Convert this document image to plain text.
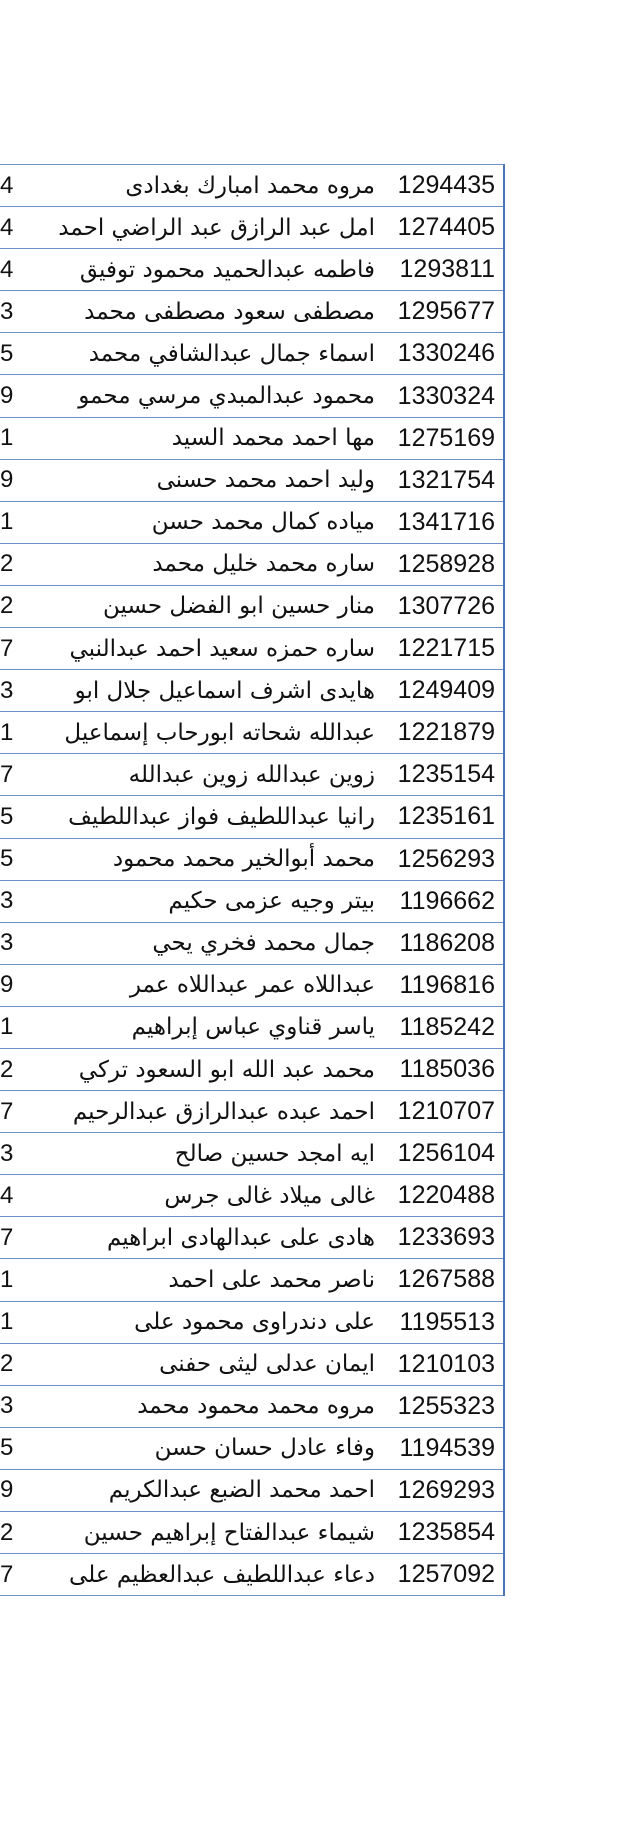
4	مروه محمد امبارك بغدادى 1294435
4	امل عبد الرازق عبد الراضي احمد 1274405
4	فاطمه عبدالحميد محمود توفيق 1293811
3	مصطفى سعود مصطفى محمد 1295677
5	اسماء جمال عبدالشافي محمد 1330246
9	محمود عبدالمبدي مرسي محمو 1330324
1	مها احمد محمد السيد 1275169
9	وليد احمد محمد حسنى 1321754
1	مياده كمال محمد حسن 1341716
2	ساره محمد خليل محمد 1258928
2	منار حسين ابو الفضل حسين 1307726
7	ساره حمزه سعيد احمد عبدالنبي 1221715
3	هايدى اشرف اسماعيل جلال ابو 1249409
1	عبدالله شحاته ابورحاب إسماعيل 1221879
7	زوين عبدالله زوين عبدالله 1235154
5	رانيا عبداللطيف فواز عبداللطيف 1235161
5	محمد أبوالخير محمد محمود 1256293
3	بيتر وجيه عزمى حكيم 1196662
3	جمال محمد فخري يحي 1186208
9	عبداللاه عمر عبداللاه عمر 1196816
1	ياسر قناوي عباس إبراهيم 1185242
2	محمد عبد الله ابو السعود تركي 1185036
7	احمد عبده عبدالرازق عبدالرحيم 1210707
3	ايه امجد حسين صالح 1256104
4	غالى ميلاد غالى جرس 1220488
7	هادى على عبدالهادى ابراهيم 1233693
1	ناصر محمد على احمد 1267588
1	على دندراوى محمود على 1195513
2	ايمان عدلى ليثى حفنى 1210103
3	مروه محمد محمود محمد 1255323
5	وفاء عادل حسان حسن 1194539
9	احمد محمد الضبع عبدالكريم 1269293
2	شيماء عبدالفتاح إبراهيم حسين 1235854
7	دعاء عبداللطيف عبدالعظيم على 1257092
